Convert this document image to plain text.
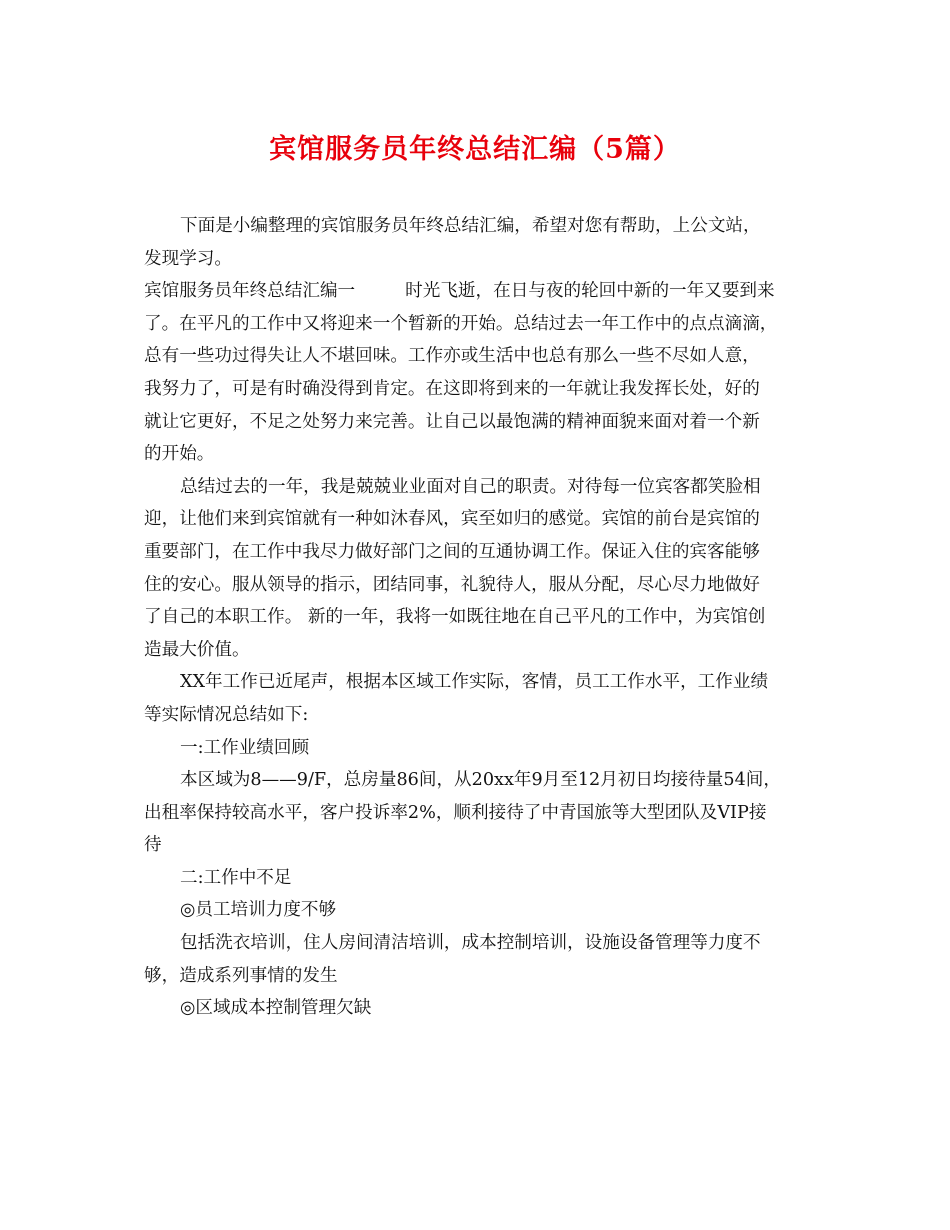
宾馆服务员年终总结汇编（5篇）
下面是小编整理的宾馆服务员年终总结汇编，希望对您有帮助，上公文站，
发现学习。
宾馆服务员年终总结汇编一	时光飞逝，在日与夜的轮回中新的一年又要到来
了。在平凡的工作中又将迎来一个暂新的开始。总结过去一年工作中的点点滴滴，
总有一些功过得失让人不堪回味。工作亦或生活中也总有那么一些不尽如人意，
我努力了，可是有时确没得到肯定。在这即将到来的一年就让我发挥长处，好的
就让它更好，不足之处努力来完善。让自己以最饱满的精神面貌来面对着一个新
的开始。
总结过去的一年，我是兢兢业业面对自己的职责。对待每一位宾客都笑脸相
迎，让他们来到宾馆就有一种如沐春风，宾至如归的感觉。宾馆的前台是宾馆的
重要部门，在工作中我尽力做好部门之间的互通协调工作。保证入住的宾客能够
住的安心。服从领导的指示，团结同事，礼貌待人，服从分配，尽心尽力地做好
了自己的本职工作。 新的一年，我将一如既往地在自己平凡的工作中，为宾馆创
造最大价值。
XX年工作已近尾声，根据本区域工作实际，客情，员工工作水平，工作业绩
等实际情况总结如下:
一:工作业绩回顾
本区域为8——9/F，总房量86间，从20xx年9月至12月初日均接待量54间，
出租率保持较高水平，客户投诉率2%，顺利接待了中青国旅等大型团队及VIP接
待
二:工作中不足
◎员工培训力度不够
包括洗衣培训，住人房间清洁培训，成本控制培训，设施设备管理等力度不
够，造成系列事情的发生
◎区域成本控制管理欠缺
